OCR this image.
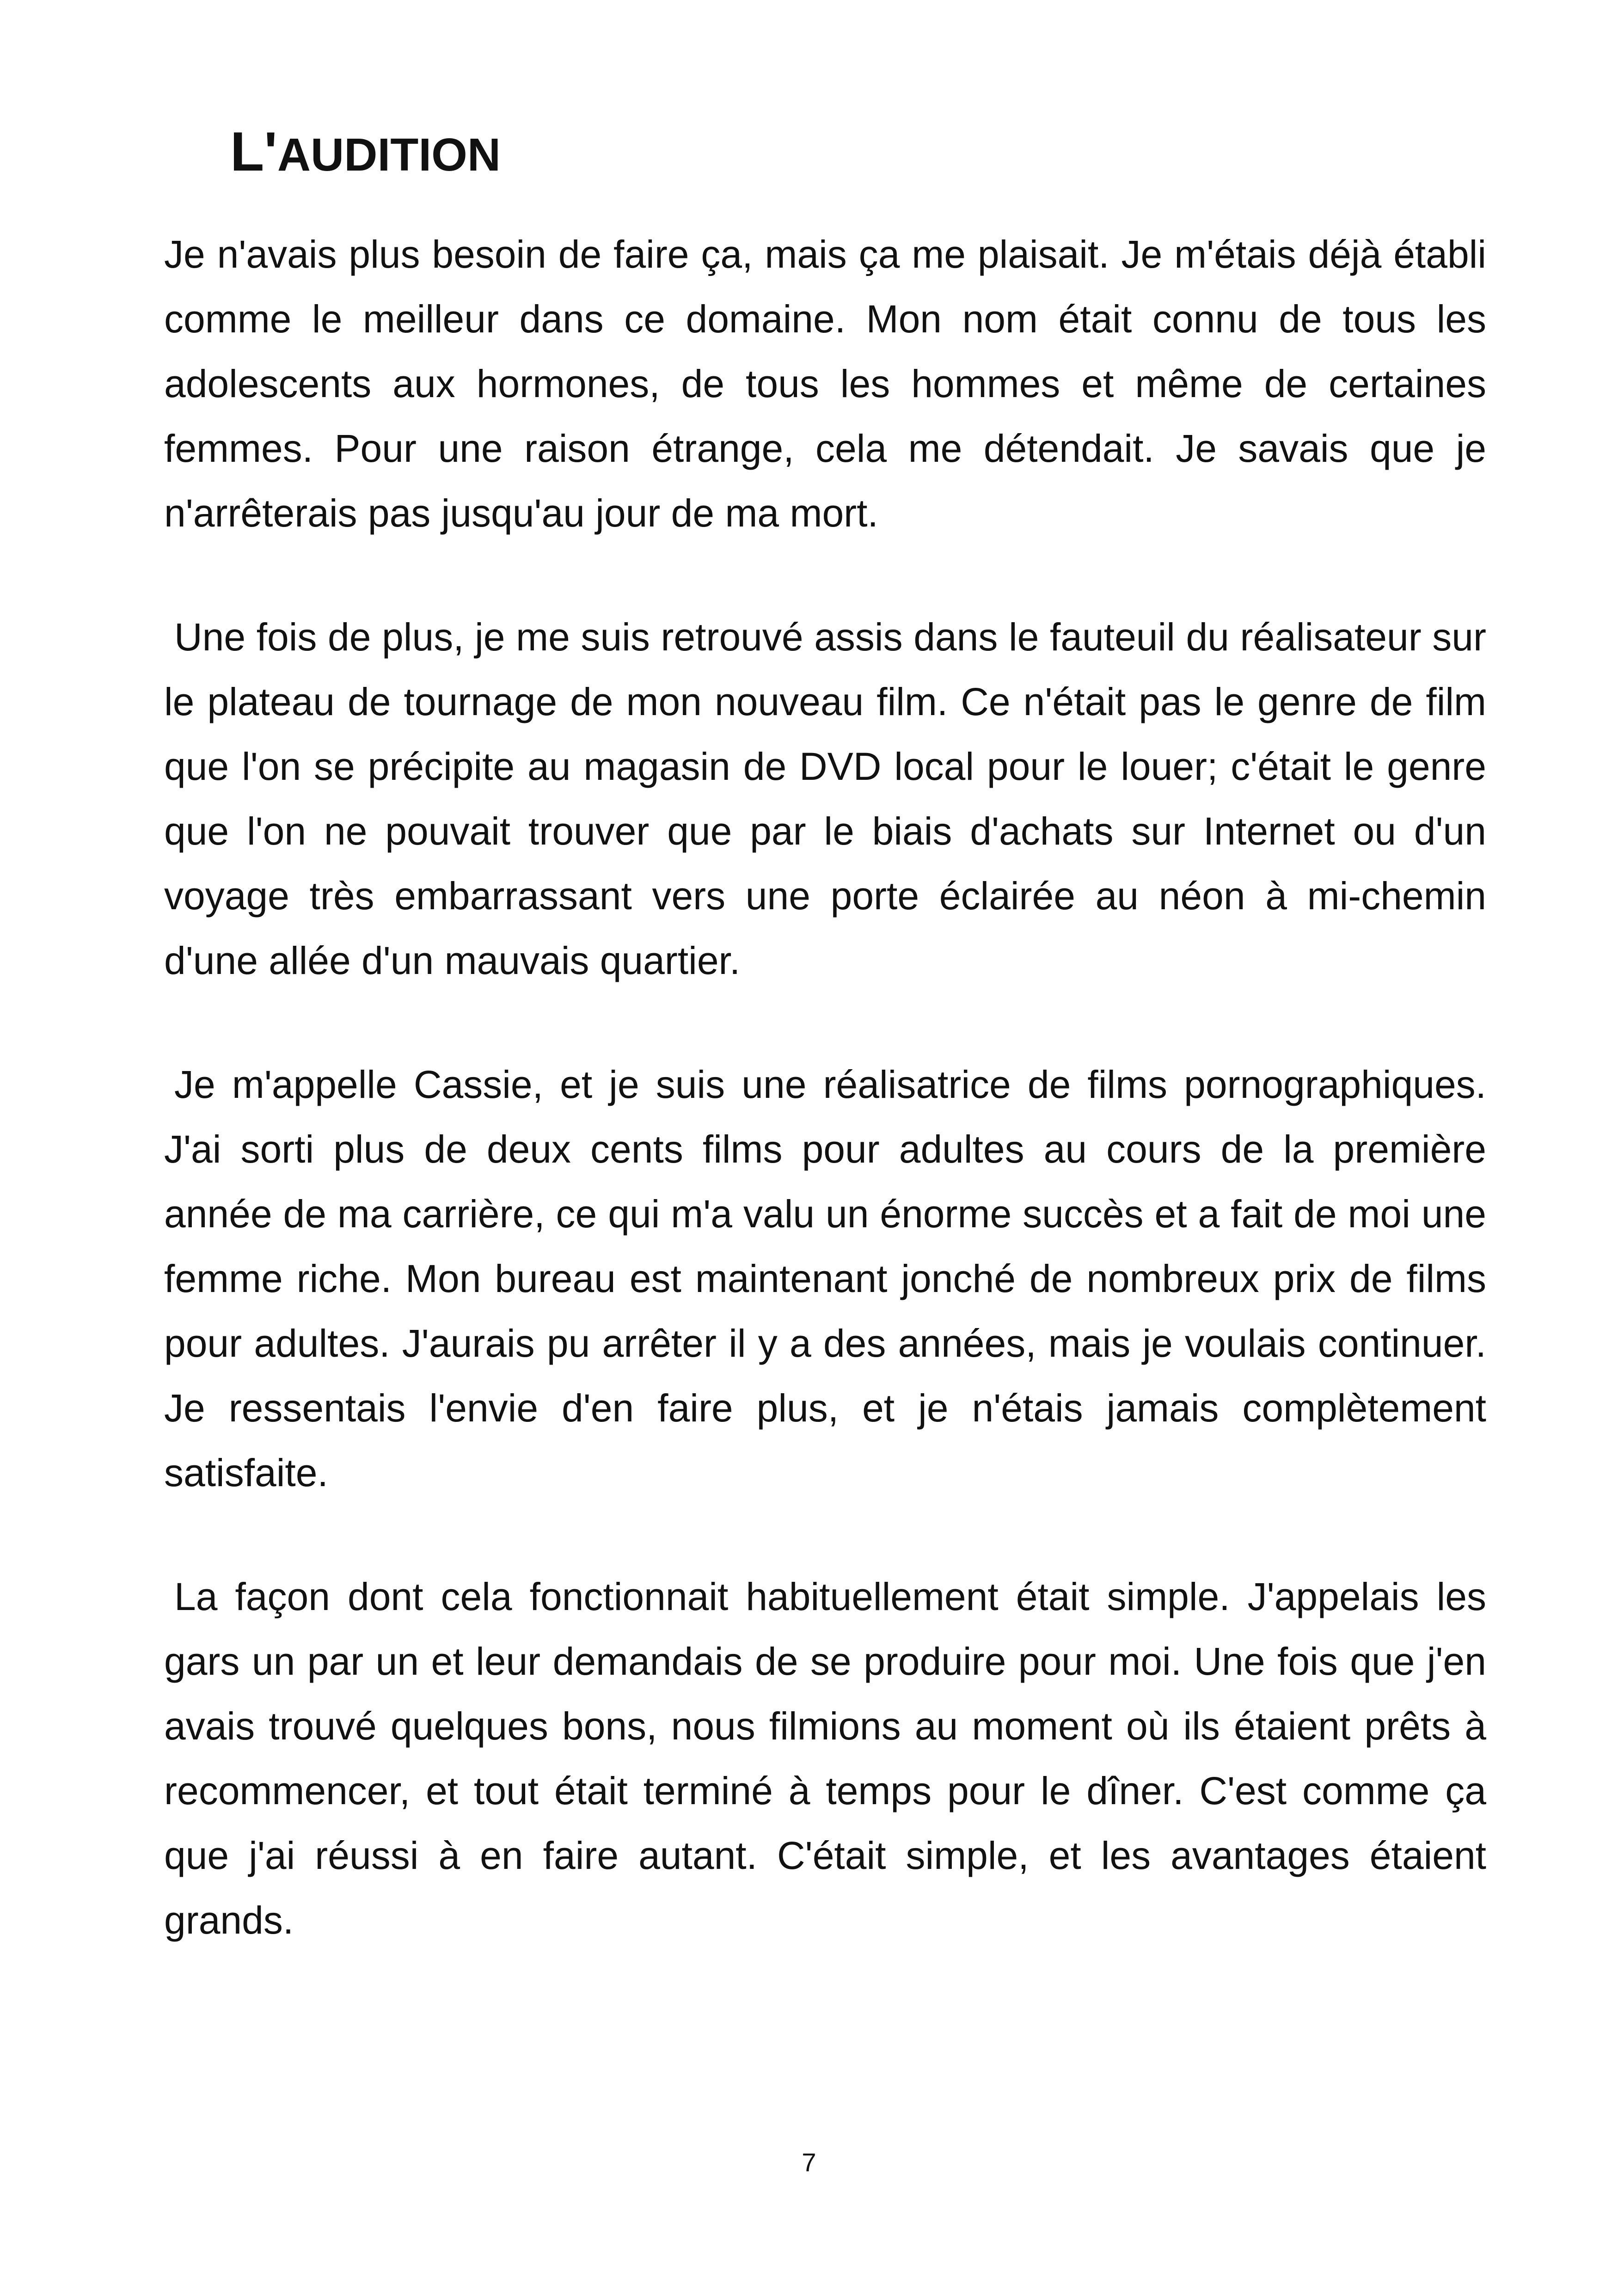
L'AUDITION

Je n'avais plus besoin de faire ça, mais ça me plaisait. Je m'étais déjà établi comme le meilleur dans ce domaine. Mon nom était connu de tous les adolescents aux hormones, de tous les hommes et même de certaines femmes. Pour une raison étrange, cela me détendait. Je savais que je n'arrêterais pas jusqu'au jour de ma mort.

Une fois de plus, je me suis retrouvé assis dans le fauteuil du réalisateur sur le plateau de tournage de mon nouveau film. Ce n'était pas le genre de film que l'on se précipite au magasin de DVD local pour le louer; c'était le genre que l'on ne pouvait trouver que par le biais d'achats sur Internet ou d'un voyage très embarrassant vers une porte éclairée au néon à mi-chemin d'une allée d'un mauvais quartier.

Je m'appelle Cassie, et je suis une réalisatrice de films pornographiques. J'ai sorti plus de deux cents films pour adultes au cours de la première année de ma carrière, ce qui m'a valu un énorme succès et a fait de moi une femme riche. Mon bureau est maintenant jonché de nombreux prix de films pour adultes. J'aurais pu arrêter il y a des années, mais je voulais continuer. Je ressentais l'envie d'en faire plus, et je n'étais jamais complètement satisfaite.

La façon dont cela fonctionnait habituellement était simple. J'appelais les gars un par un et leur demandais de se produire pour moi. Une fois que j'en avais trouvé quelques bons, nous filmions au moment où ils étaient prêts à recommencer, et tout était terminé à temps pour le dîner. C'est comme ça que j'ai réussi à en faire autant. C'était simple, et les avantages étaient grands.

7
